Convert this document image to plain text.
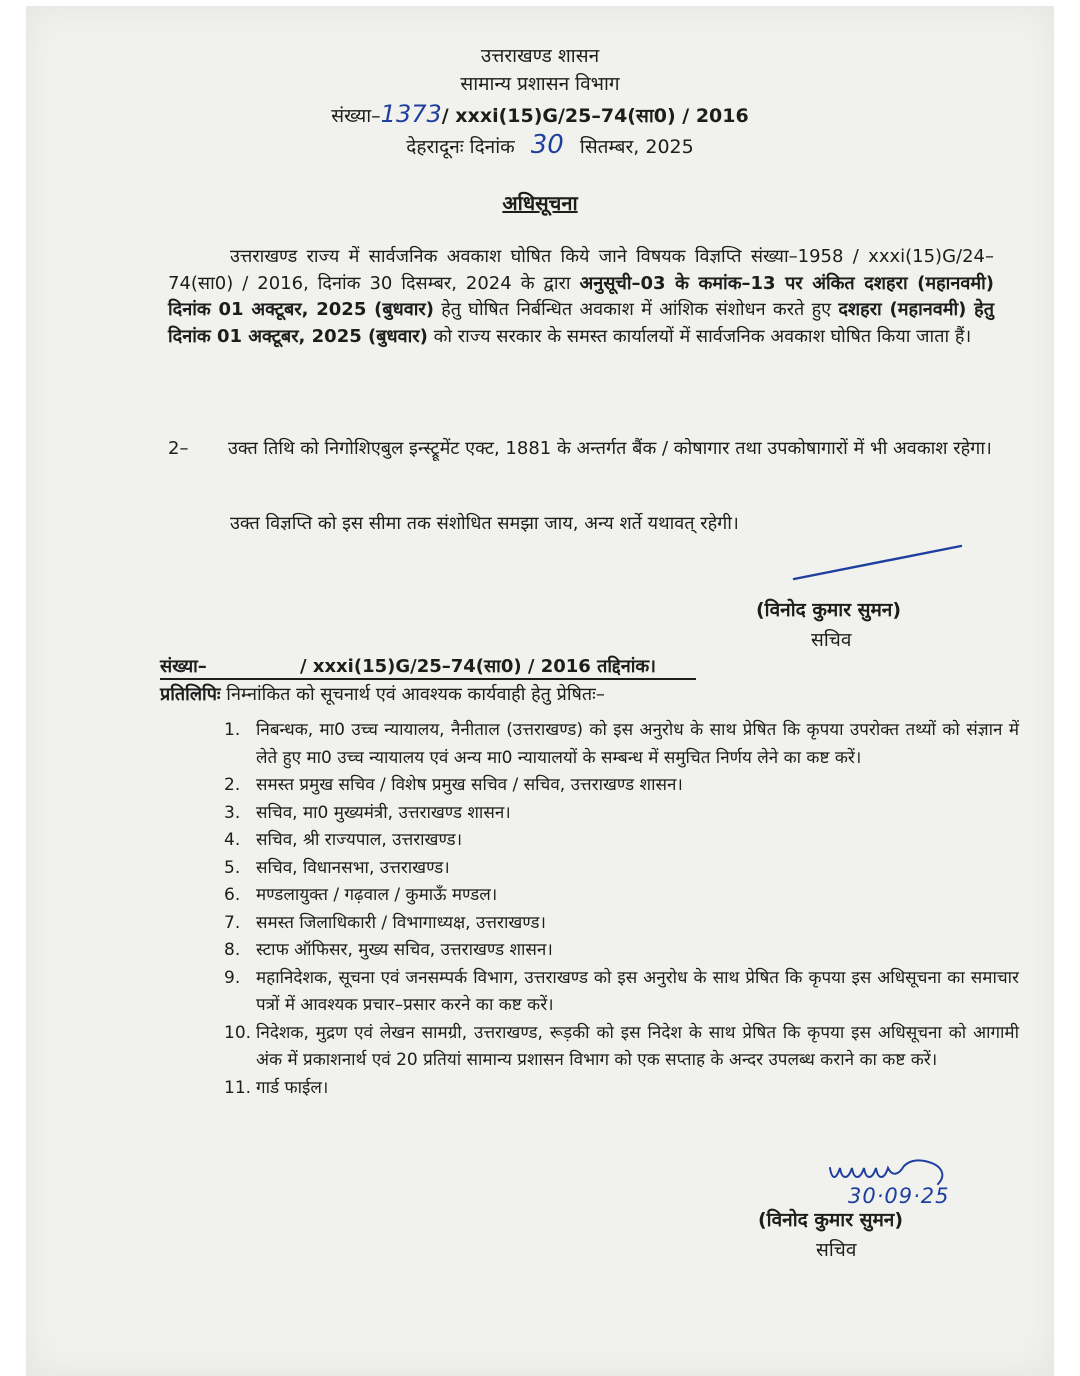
उत्तराखण्ड शासन
सामान्य प्रशासन विभाग
संख्या–1373/ xxxi(15)G/25–74(सा0) / 2016
देहरादूनः दिनांक 30 सितम्बर, 2025
अधिसूचना
उत्तराखण्ड राज्य में सार्वजनिक अवकाश घोषित किये जाने विषयक विज्ञप्ति संख्या–1958 / xxxi(15)G/24–74(सा0) / 2016, दिनांक 30 दिसम्बर, 2024 के द्वारा अनुसूची–03 के कमांक–13 पर अंकित दशहरा (महानवमी) दिनांक 01 अक्टूबर, 2025 (बुधवार) हेतु घोषित निर्बन्धित अवकाश में आंशिक संशोधन करते हुए दशहरा (महानवमी) हेतु दिनांक 01 अक्टूबर, 2025 (बुधवार) को राज्य सरकार के समस्त कार्यालयों में सार्वजनिक अवकाश घोषित किया जाता हैं।
2– उक्त तिथि को निगोशिएबुल इन्स्ट्रूमेंट एक्ट, 1881 के अन्तर्गत बैंक / कोषागार तथा उपकोषागारों में भी अवकाश रहेगा।
उक्त विज्ञप्ति को इस सीमा तक संशोधित समझा जाय, अन्य शर्ते यथावत् रहेगी।
(विनोद कुमार सुमन)
सचिव
संख्या–	/ xxxi(15)G/25–74(सा0) / 2016 तद्दिनांक।
प्रतिलिपिः निम्नांकित को सूचनार्थ एवं आवश्यक कार्यवाही हेतु प्रेषितः–
1. निबन्धक, मा0 उच्च न्यायालय, नैनीताल (उत्तराखण्ड) को इस अनुरोध के साथ प्रेषित कि कृपया उपरोक्त तथ्यों को संज्ञान में लेते हुए मा0 उच्च न्यायालय एवं अन्य मा0 न्यायालयों के सम्बन्ध में समुचित निर्णय लेने का कष्ट करें।
2. समस्त प्रमुख सचिव / विशेष प्रमुख सचिव / सचिव, उत्तराखण्ड शासन।
3. सचिव, मा0 मुख्यमंत्री, उत्तराखण्ड शासन।
4. सचिव, श्री राज्यपाल, उत्तराखण्ड।
5. सचिव, विधानसभा, उत्तराखण्ड।
6. मण्डलायुक्त / गढ़वाल / कुमाऊँ मण्डल।
7. समस्त जिलाधिकारी / विभागाध्यक्ष, उत्तराखण्ड।
8. स्टाफ ऑफिसर, मुख्य सचिव, उत्तराखण्ड शासन।
9. महानिदेशक, सूचना एवं जनसम्पर्क विभाग, उत्तराखण्ड को इस अनुरोध के साथ प्रेषित कि कृपया इस अधिसूचना का समाचार पत्रों में आवश्यक प्रचार–प्रसार करने का कष्ट करें।
10. निदेशक, मुद्रण एवं लेखन सामग्री, उत्तराखण्ड, रूड़की को इस निदेश के साथ प्रेषित कि कृपया इस अधिसूचना को आगामी अंक में प्रकाशनार्थ एवं 20 प्रतियां सामान्य प्रशासन विभाग को एक सप्ताह के अन्दर उपलब्ध कराने का कष्ट करें।
11. गार्ड फाईल।
30·09·25
(विनोद कुमार सुमन)
सचिव
